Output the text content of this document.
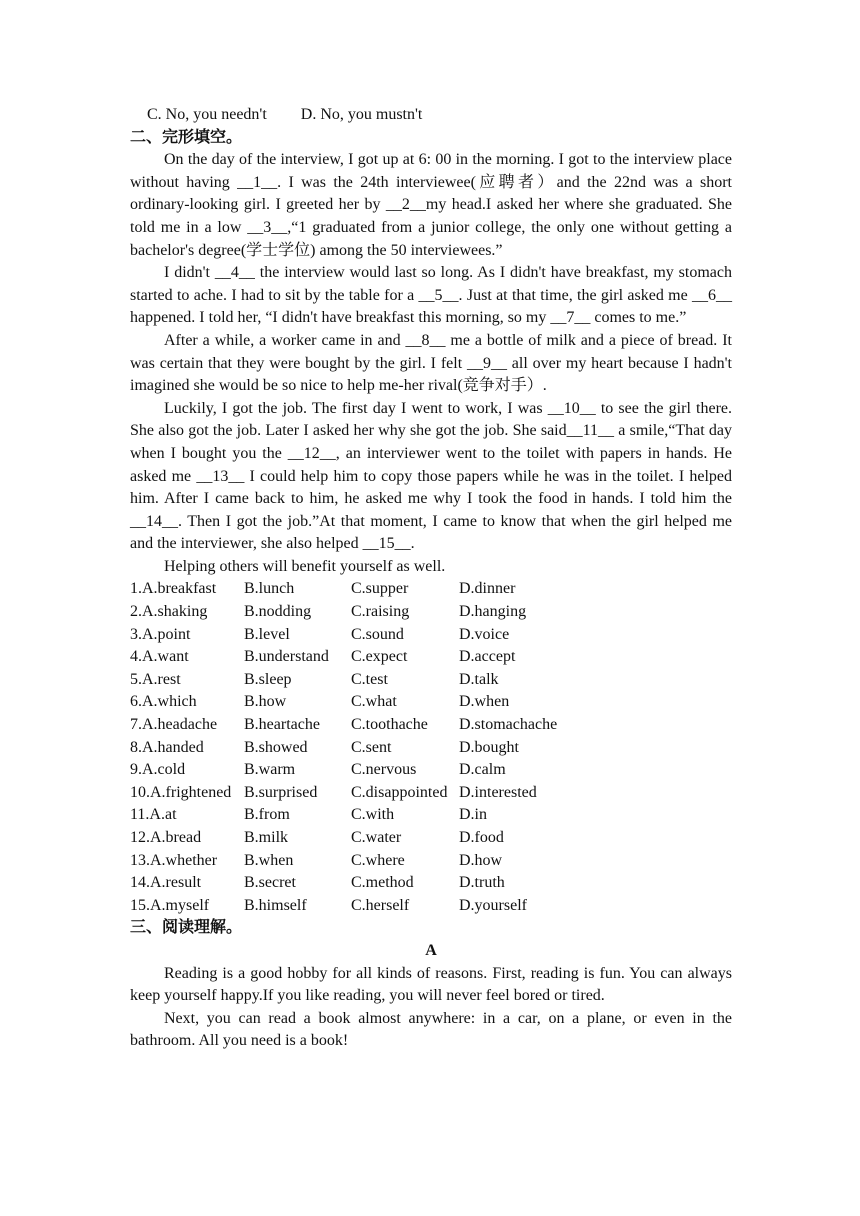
C. No, you needn't D. No, you mustn't
二、完形填空。
On the day of the interview, I got up at 6: 00 in the morning. I got to the interview place without having __1__. I was the 24th interviewee(应聘者）and the 22nd was a short ordinary-looking girl. I greeted her by __2__my head.I asked her where she graduated. She told me in a low __3__,“1 graduated from a junior college, the only one without getting a bachelor's degree(学士学位) among the 50 interviewees.”
I didn't __4__ the interview would last so long. As I didn't have breakfast, my stomach started to ache. I had to sit by the table for a __5__. Just at that time, the girl asked me __6__ happened. I told her, “I didn't have breakfast this morning, so my __7__ comes to me.”
After a while, a worker came in and __8__ me a bottle of milk and a piece of bread. It was certain that they were bought by the girl. I felt __9__ all over my heart because I hadn't imagined she would be so nice to help me-her rival(竞争对手）.
Luckily, I got the job. The first day I went to work, I was __10__ to see the girl there. She also got the job. Later I asked her why she got the job. She said__11__ a smile,“That day when I bought you the __12__, an interviewer went to the toilet with papers in hands. He asked me __13__ I could help him to copy those papers while he was in the toilet. I helped him. After I came back to him, he asked me why I took the food in hands. I told him the __14__. Then I got the job.”At that moment, I came to know that when the girl helped me and the interviewer, she also helped __15__.
Helping others will benefit yourself as well.
1.A.breakfast	B.lunch	C.supper	D.dinner
2.A.shaking	B.nodding	C.raising	D.hanging
3.A.point	B.level	C.sound	D.voice
4.A.want	B.understand	C.expect	D.accept
5.A.rest	B.sleep	C.test	D.talk
6.A.which	B.how	C.what	D.when
7.A.headache	B.heartache	C.toothache	D.stomachache
8.A.handed	B.showed	C.sent	D.bought
9.A.cold	B.warm	C.nervous	D.calm
10.A.frightened B.surprised	C.disappointed D.interested
11.A.at	B.from	C.with	D.in
12.A.bread	B.milk	C.water	D.food
13.A.whether	B.when	C.where	D.how
14.A.result	B.secret	C.method	D.truth
15.A.myself	B.himself	C.herself	D.yourself
三、阅读理解。
A
Reading is a good hobby for all kinds of reasons. First, reading is fun. You can always keep yourself happy.If you like reading, you will never feel bored or tired.
Next, you can read a book almost anywhere: in a car, on a plane, or even in the bathroom. All you need is a book!
